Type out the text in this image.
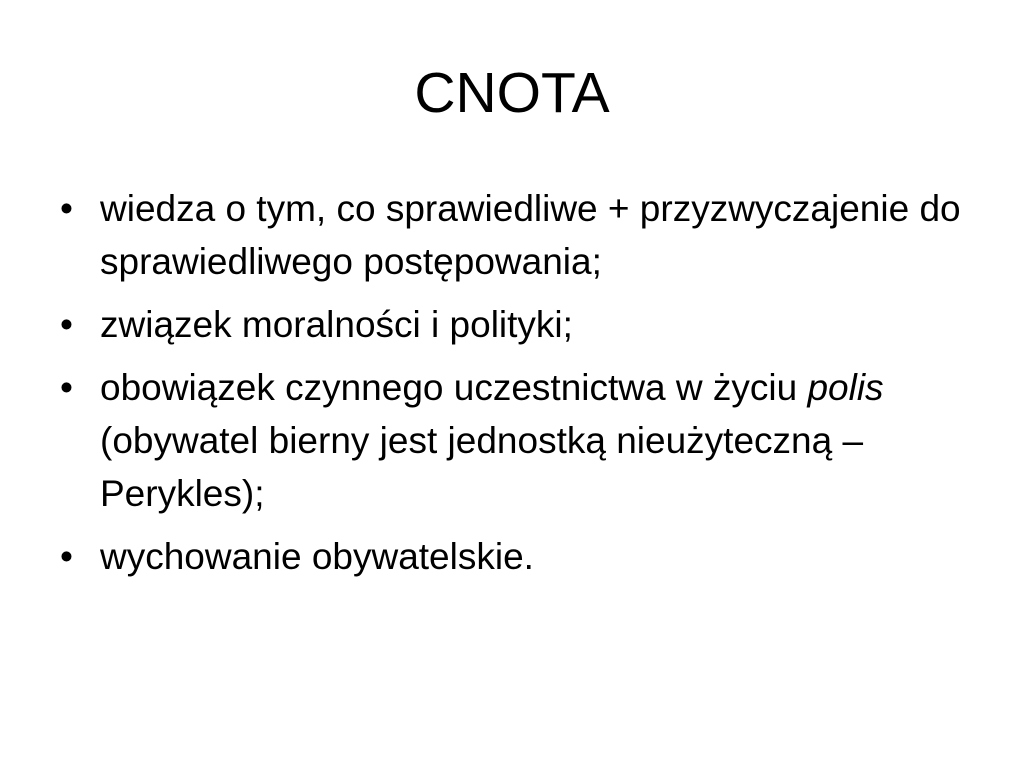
CNOTA
• wiedza o tym, co sprawiedliwe + przyzwyczajenie do sprawiedliwego postępowania;
• związek moralności i polityki;
• obowiązek czynnego uczestnictwa w życiu polis (obywatel bierny jest jednostką nieużyteczną – Perykles);
• wychowanie obywatelskie.
